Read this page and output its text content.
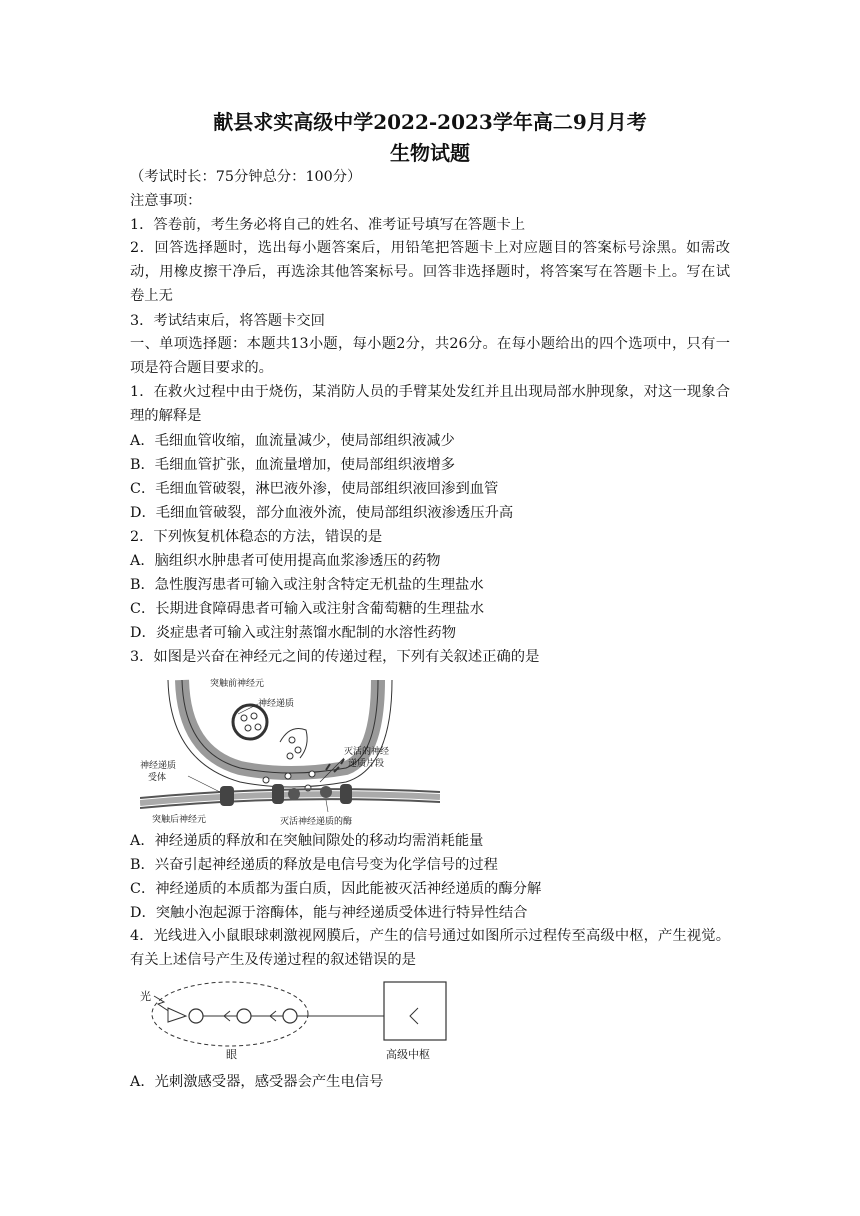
献县求实高级中学2022-2023学年高二9月月考
生物试题
（考试时长：75分钟总分：100分）
注意事项：
1．答卷前，考生务必将自己的姓名、准考证号填写在答题卡上
2．回答选择题时，选出每小题答案后，用铅笔把答题卡上对应题目的答案标号涂黑。如需改动，用橡皮擦干净后，再选涂其他答案标号。回答非选择题时，将答案写在答题卡上。写在试卷上无
3．考试结束后，将答题卡交回
一、单项选择题：本题共13小题，每小题2分，共26分。在每小题给出的四个选项中，只有一项是符合题目要求的。
1．在救火过程中由于烧伤，某消防人员的手臂某处发红并且出现局部水肿现象，对这一现象合理的解释是
A．毛细血管收缩，血流量减少，使局部组织液减少
B．毛细血管扩张，血流量增加，使局部组织液增多
C．毛细血管破裂，淋巴液外渗，使局部组织液回渗到血管
D．毛细血管破裂，部分血液外流，使局部组织液渗透压升高
2．下列恢复机体稳态的方法，错误的是
A．脑组织水肿患者可使用提高血浆渗透压的药物
B．急性腹泻患者可输入或注射含特定无机盐的生理盐水
C．长期进食障碍患者可输入或注射含葡萄糖的生理盐水
D．炎症患者可输入或注射蒸馏水配制的水溶性药物
3．如图是兴奋在神经元之间的传递过程，下列有关叙述正确的是
突触前神经元
神经递质
灭活的神经
递质片段
神经递质
受体
突触后神经元	灭活神经递质的酶
A．神经递质的释放和在突触间隙处的移动均需消耗能量
B．兴奋引起神经递质的释放是电信号变为化学信号的过程
C．神经递质的本质都为蛋白质，因此能被灭活神经递质的酶分解
D．突触小泡起源于溶酶体，能与神经递质受体进行特异性结合
4．光线进入小鼠眼球刺激视网膜后，产生的信号通过如图所示过程传至高级中枢，产生视觉。有关上述信号产生及传递过程的叙述错误的是
光
眼	高级中枢
A．光刺激感受器，感受器会产生电信号
